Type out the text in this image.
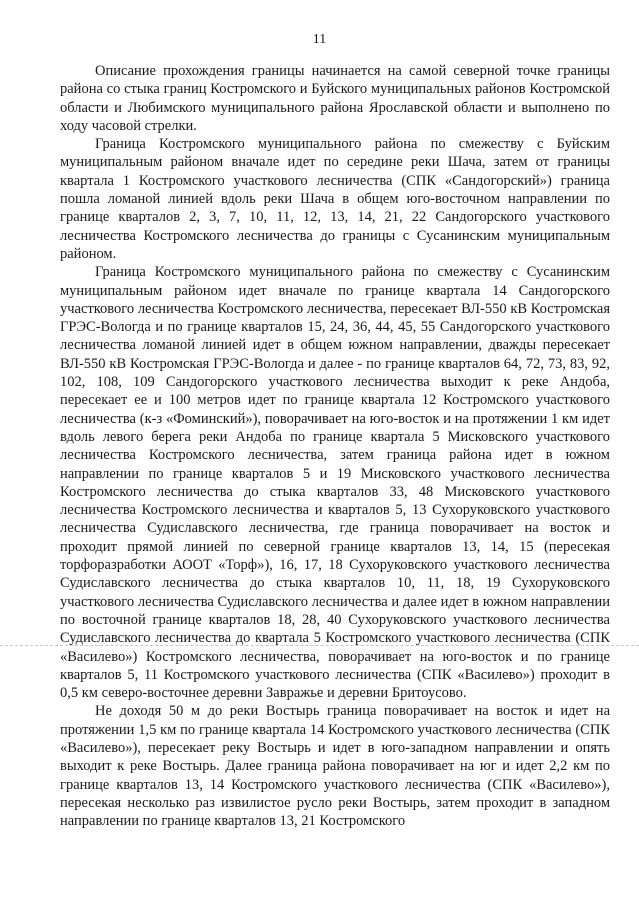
11

Описание прохождения границы начинается на самой северной точке границы района со стыка границ Костромского и Буйского муниципальных районов Костромской области и Любимского муниципального района Ярославской области и выполнено по ходу часовой стрелки.

Граница Костромского муниципального района по смежеству с Буйским муниципальным районом вначале идет по середине реки Шача, затем от границы квартала 1 Костромского участкового лесничества (СПК «Сандогорский») граница пошла ломаной линией вдоль реки Шача в общем юго-восточном направлении по границе кварталов 2, 3, 7, 10, 11, 12, 13, 14, 21, 22 Сандогорского участкового лесничества Костромского лесничества до границы с Сусанинским муниципальным районом.

Граница Костромского муниципального района по смежеству с Сусанинским муниципальным районом идет вначале по границе квартала 14 Сандогорского участкового лесничества Костромского лесничества, пересекает ВЛ-550 кВ Костромская ГРЭС-Вологда и по границе кварталов 15, 24, 36, 44, 45, 55 Сандогорского участкового лесничества ломаной линией идет в общем южном направлении, дважды пересекает ВЛ-550 кВ Костромская ГРЭС-Вологда и далее - по границе кварталов 64, 72, 73, 83, 92, 102, 108, 109 Сандогорского участкового лесничества выходит к реке Андоба, пересекает ее и 100 метров идет по границе квартала 12 Костромского участкового лесничества (к-з «Фоминский»), поворачивает на юго-восток и на протяжении 1 км идет вдоль левого берега реки Андоба по границе квартала 5 Мисковского участкового лесничества Костромского лесничества, затем граница района идет в южном направлении по границе кварталов 5 и 19 Мисковского участкового лесничества Костромского лесничества до стыка кварталов 33, 48 Мисковского участкового лесничества Костромского лесничества и кварталов 5, 13 Сухоруковского участкового лесничества Судиславского лесничества, где граница поворачивает на восток и проходит прямой линией по северной границе кварталов 13, 14, 15 (пересекая торфоразработки АООТ «Торф»), 16, 17, 18 Сухоруковского участкового лесничества Судиславского лесничества до стыка кварталов 10, 11, 18, 19 Сухоруковского участкового лесничества Судиславского лесничества и далее идет в южном направлении по восточной границе кварталов 18, 28, 40 Сухоруковского участкового лесничества Судиславского лесничества до квартала 5 Костромского участкового лесничества (СПК «Василево») Костромского лесничества, поворачивает на юго-восток и по границе кварталов 5, 11 Костромского участкового лесничества (СПК «Василево») проходит в 0,5 км северо-восточнее деревни Завражье и деревни Бритоусово.

Не доходя 50 м до реки Востырь граница поворачивает на восток и идет на протяжении 1,5 км по границе квартала 14 Костромского участкового лесничества (СПК «Василево»), пересекает реку Востырь и идет в юго-западном направлении и опять выходит к реке Востырь. Далее граница района поворачивает на юг и идет 2,2 км по границе кварталов 13, 14 Костромского участкового лесничества (СПК «Василево»), пересекая несколько раз извилистое русло реки Востырь, затем проходит в западном направлении по границе кварталов 13, 21 Костромского
